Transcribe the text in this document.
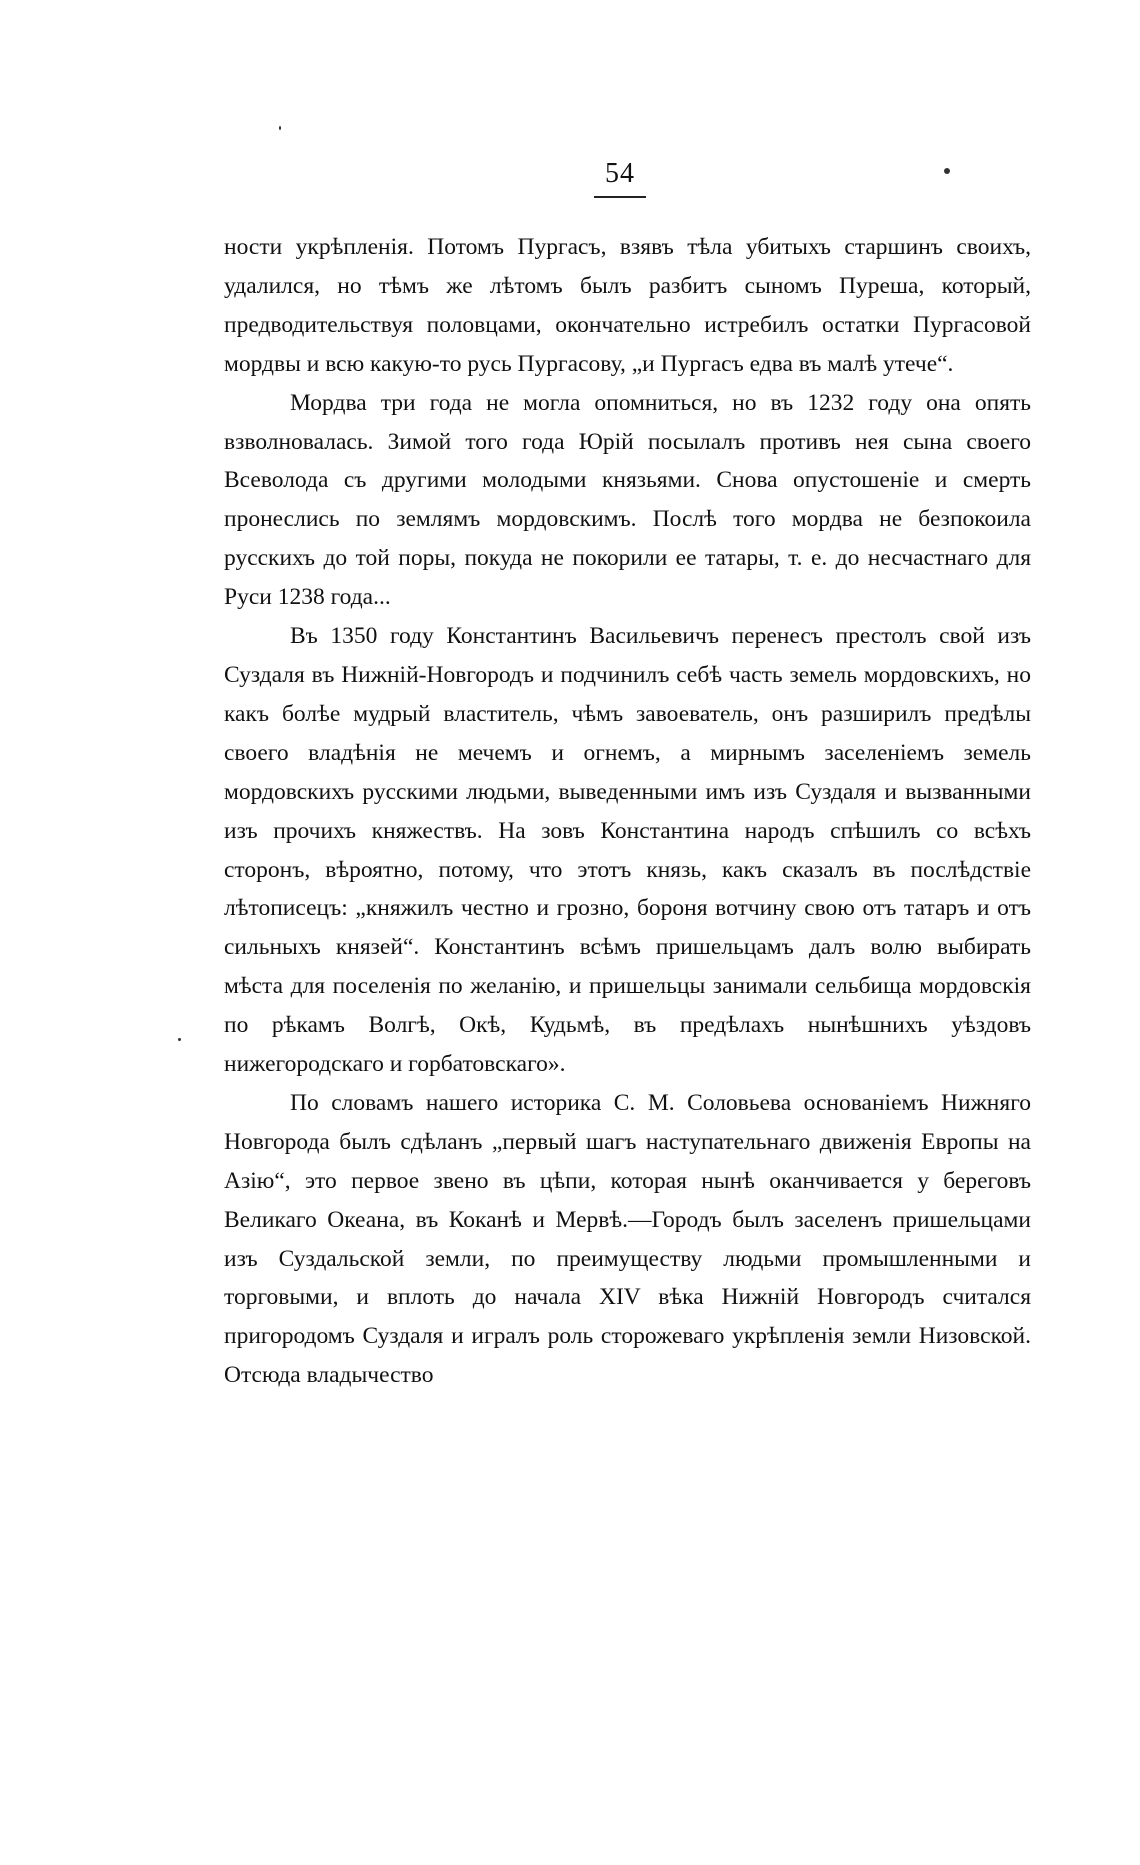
54

ности укрѣпленія. Потомъ Пургасъ, взявъ тѣла убитыхъ старшинъ своихъ, удалился, но тѣмъ же лѣтомъ былъ разбитъ сыномъ Пуреша, который, предводительствуя половцами, окончательно истребилъ остатки Пургасовой мордвы и всю какую-то русь Пургасову, „и Пургасъ едва въ малѣ утече“.

Мордва три года не могла опомниться, но въ 1232 году она опять взволновалась. Зимой того года Юрій посылалъ противъ нея сына своего Всеволода съ другими молодыми князьями. Снова опустошеніе и смерть пронеслись по землямъ мордовскимъ. Послѣ того мордва не безпокоила русскихъ до той поры, покуда не покорили ее татары, т. е. до несчастнаго для Руси 1238 года...

Въ 1350 году Константинъ Васильевичъ перенесъ престолъ свой изъ Суздаля въ Нижній-Новгородъ и подчинилъ себѣ часть земель мордовскихъ, но какъ болѣе мудрый властитель, чѣмъ завоеватель, онъ разширилъ предѣлы своего владѣнія не мечемъ и огнемъ, а мирнымъ заселеніемъ земель мордовскихъ русскими людьми, выведенными имъ изъ Суздаля и вызванными изъ прочихъ княжествъ. На зовъ Константина народъ спѣшилъ со всѣхъ сторонъ, вѣроятно, потому, что этотъ князь, какъ сказалъ въ послѣдствіе лѣтописецъ: „княжилъ честно и грозно, бороня вотчину свою отъ татаръ и отъ сильныхъ князей“. Константинъ всѣмъ пришельцамъ далъ волю выбирать мѣста для поселенія по желанію, и пришельцы занимали сельбища мордовскія по рѣкамъ Волгѣ, Окѣ, Кудьмѣ, въ предѣлахъ нынѣшнихъ уѣздовъ нижегородскаго и горбатовскаго».

По словамъ нашего историка С. М. Соловьева основаніемъ Нижняго Новгорода былъ сдѣланъ „первый шагъ наступательнаго движенія Европы на Азію“, это первое звено въ цѣпи, которая нынѣ оканчивается у береговъ Великаго Океана, въ Коканѣ и Мервѣ.—Городъ былъ заселенъ пришельцами изъ Суздальской земли, по преимуществу людьми промышленными и торговыми, и вплоть до начала XIV вѣка Нижній Новгородъ считался пригородомъ Суздаля и игралъ роль сторожеваго укрѣпленія земли Низовской. Отсюда владычество
